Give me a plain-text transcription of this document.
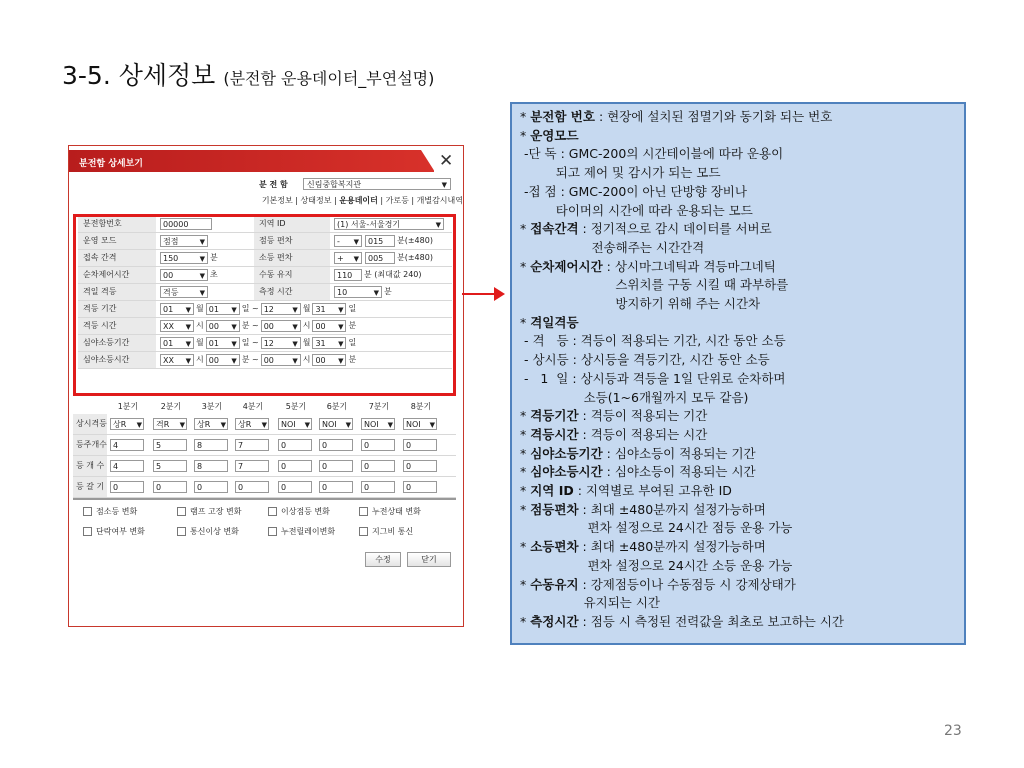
3-5. 상세정보 (분전함 운용데이터_부연설명)
분전함 상세보기	✕
분 전 함	신림중합복지관	▼
기본정보 | 상태정보 | 운용데이터 | 가로등 | 개별감시내역
분전함번호	00000	지역 ID	(1) 서울-서울경기	▼
운영 모드	점점	▼	점등 편차	- ▼ 015 분(±480)
접속 간격	150	▼ 분	소등 편차	+ ▼ 005 분(±480)
순차제어시간	00	▼ 초	수동 유지	110 분 (최대값 240)
격일 격등	격등	▼	측정 시간	10	▼ 분
격등 기간	01 ▼ 월 01 ▼ 일 ~ 12	▼ 월 31 ▼ 일
격등 시간	XX ▼ 시 00 ▼ 분 ~ 00	▼ 시 00 ▼ 분
심야소등기간	01 ▼ 월 01 ▼ 일 ~ 12	▼ 월 31 ▼ 일
심야소등시간	XX ▼ 시 00 ▼ 분 ~ 00	▼ 시 00 ▼ 분
1분기	2분기	3분기	4분기	5분기	6분기	7분기	8분기
상시격등 상R ▼	격R ▼	상R ▼	상R ▼	NOI ▼	NOI ▼	NOI ▼	NOI ▼
등주개수 4	5	8	7	0	0	0	0
등 개 수	4	5	8	7	0	0	0	0
등 갈 기	0	0	0	0	0	0	0	0
점소등 변화	램프 고장 변화	이상점등 변화	누전상태 변화
단락여부 변화	통신이상 변화	누전릴레이변화	지그비 통신
수정	닫기
* 분전함 번호 : 현장에 설치된 점멸기와 동기화 되는 번호
* 운영모드
-단 독 : GMC-200의 시간테이블에 따라 운용이
되고 제어 및 감시가 되는 모드
-접 점 : GMC-200이 아닌 단방향 장비나
타이머의 시간에 따라 운용되는 모드
* 접속간격 : 정기적으로 감시 데이터를 서버로
전송해주는 시간간격
* 순차제어시간 : 상시마그네틱과 격등마그네틱
스위치를 구동 시킬 때 과부하를
방지하기 위해 주는 시간차
* 격일격등
- 격   등 : 격등이 적용되는 기간, 시간 동안 소등
- 상시등 : 상시등을 격등기간, 시간 동안 소등
-   1  일 : 상시등과 격등을 1일 단위로 순차하며
소등(1~6개월까지 모두 같음)
* 격등기간 : 격등이 적용되는 기간
* 격등시간 : 격등이 적용되는 시간
* 심야소등기간 : 심야소등이 적용되는 기간
* 심야소등시간 : 심야소등이 적용되는 시간
* 지역 ID : 지역별로 부여된 고유한 ID
* 점등편차 : 최대 ±480분까지 설정가능하며
편차 설정으로 24시간 점등 운용 가능
* 소등편차 : 최대 ±480분까지 설정가능하며
편차 설정으로 24시간 소등 운용 가능
* 수동유지 : 강제점등이나 수동점등 시 강제상태가
유지되는 시간
* 측정시간 : 점등 시 측정된 전력값을 최초로 보고하는 시간
23
